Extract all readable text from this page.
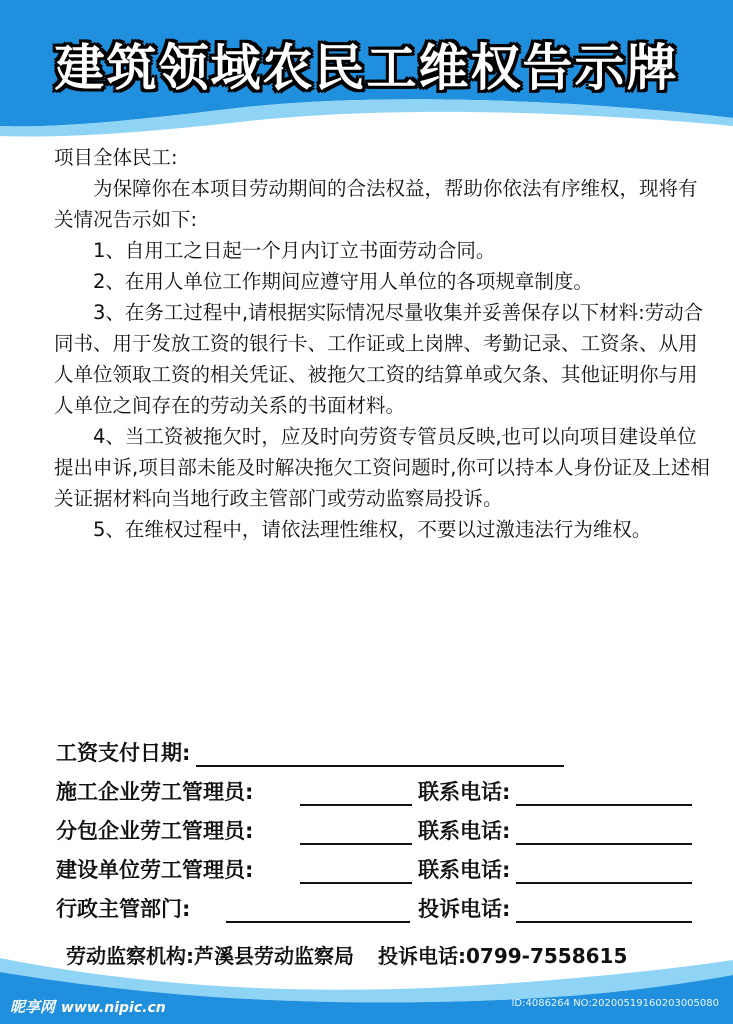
建筑领域农民工维权告示牌

项目全体民工:

为保障你在本项目劳动期间的合法权益，帮助你依法有序维权，现将有关情况告示如下:

1、自用工之日起一个月内订立书面劳动合同。

2、在用人单位工作期间应遵守用人单位的各项规章制度。

3、在务工过程中,请根据实际情况尽量收集并妥善保存以下材料:劳动合同书、用于发放工资的银行卡、工作证或上岗牌、考勤记录、工资条、从用人单位领取工资的相关凭证、被拖欠工资的结算单或欠条、其他证明你与用人单位之间存在的劳动关系的书面材料。

4、当工资被拖欠时，应及时向劳资专管员反映,也可以向项目建设单位提出申诉,项目部未能及时解决拖欠工资问题时,你可以持本人身份证及上述相关证据材料向当地行政主管部门或劳动监察局投诉。

5、在维权过程中，请依法理性维权，不要以过激违法行为维权。

工资支付日期:
施工企业劳工管理员:	联系电话:
分包企业劳工管理员:	联系电话:
建设单位劳工管理员:	联系电话:
行政主管部门:	投诉电话:
劳动监察机构:芦溪县劳动监察局 投诉电话:0799-7558615
昵享网 www.nipic.cn	ID:4086264 NO:20200519160203005080
